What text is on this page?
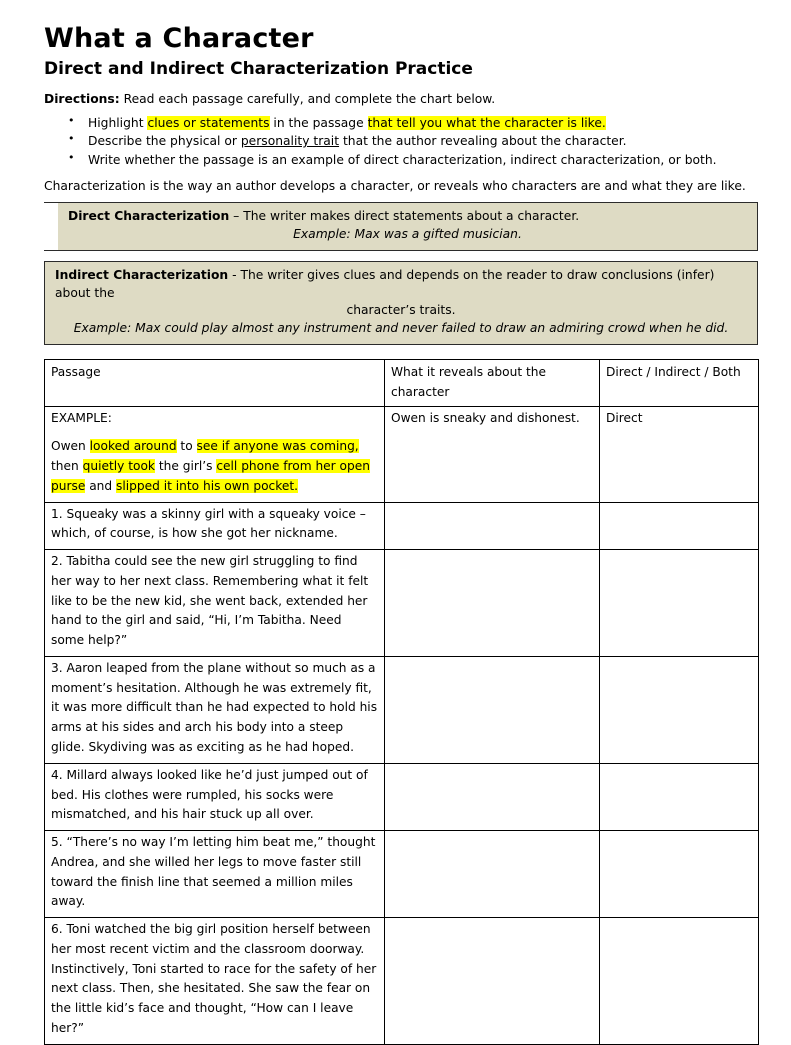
What a Character
Direct and Indirect Characterization Practice

Directions: Read each passage carefully, and complete the chart below.

• Highlight clues or statements in the passage that tell you what the character is like.
• Describe the physical or personality trait that the author revealing about the character.
• Write whether the passage is an example of direct characterization, indirect characterization, or both.

Characterization is the way an author develops a character, or reveals who characters are and what they are like.

Direct Characterization – The writer makes direct statements about a character.
Example: Max was a gifted musician.
Indirect Characterization - The writer gives clues and depends on the reader to draw conclusions (infer) about the
character’s traits.
Example: Max could play almost any instrument and never failed to draw an admiring crowd when he did.
Passage	What it reveals about the character	Direct / Indirect / Both

EXAMPLE:
Owen looked around to see if anyone was coming, then quietly took the girl’s cell phone from her open purse and slipped it into his own pocket.	Owen is sneaky and dishonest.	Direct

1. Squeaky was a skinny girl with a squeaky voice – which, of course, is how she got her nickname.		

2. Tabitha could see the new girl struggling to find her way to her next class. Remembering what it felt like to be the new kid, she went back, extended her hand to the girl and said, “Hi, I’m Tabitha. Need some help?”		

3. Aaron leaped from the plane without so much as a moment’s hesitation. Although he was extremely fit, it was more difficult than he had expected to hold his arms at his sides and arch his body into a steep glide. Skydiving was as exciting as he had hoped.		

4. Millard always looked like he’d just jumped out of bed. His clothes were rumpled, his socks were mismatched, and his hair stuck up all over.		

5. “There’s no way I’m letting him beat me,” thought Andrea, and she willed her legs to move faster still toward the finish line that seemed a million miles away.		

6. Toni watched the big girl position herself between her most recent victim and the classroom doorway. Instinctively, Toni started to race for the safety of her next class. Then, she hesitated. She saw the fear on the little kid’s face and thought, “How can I leave her?”		
